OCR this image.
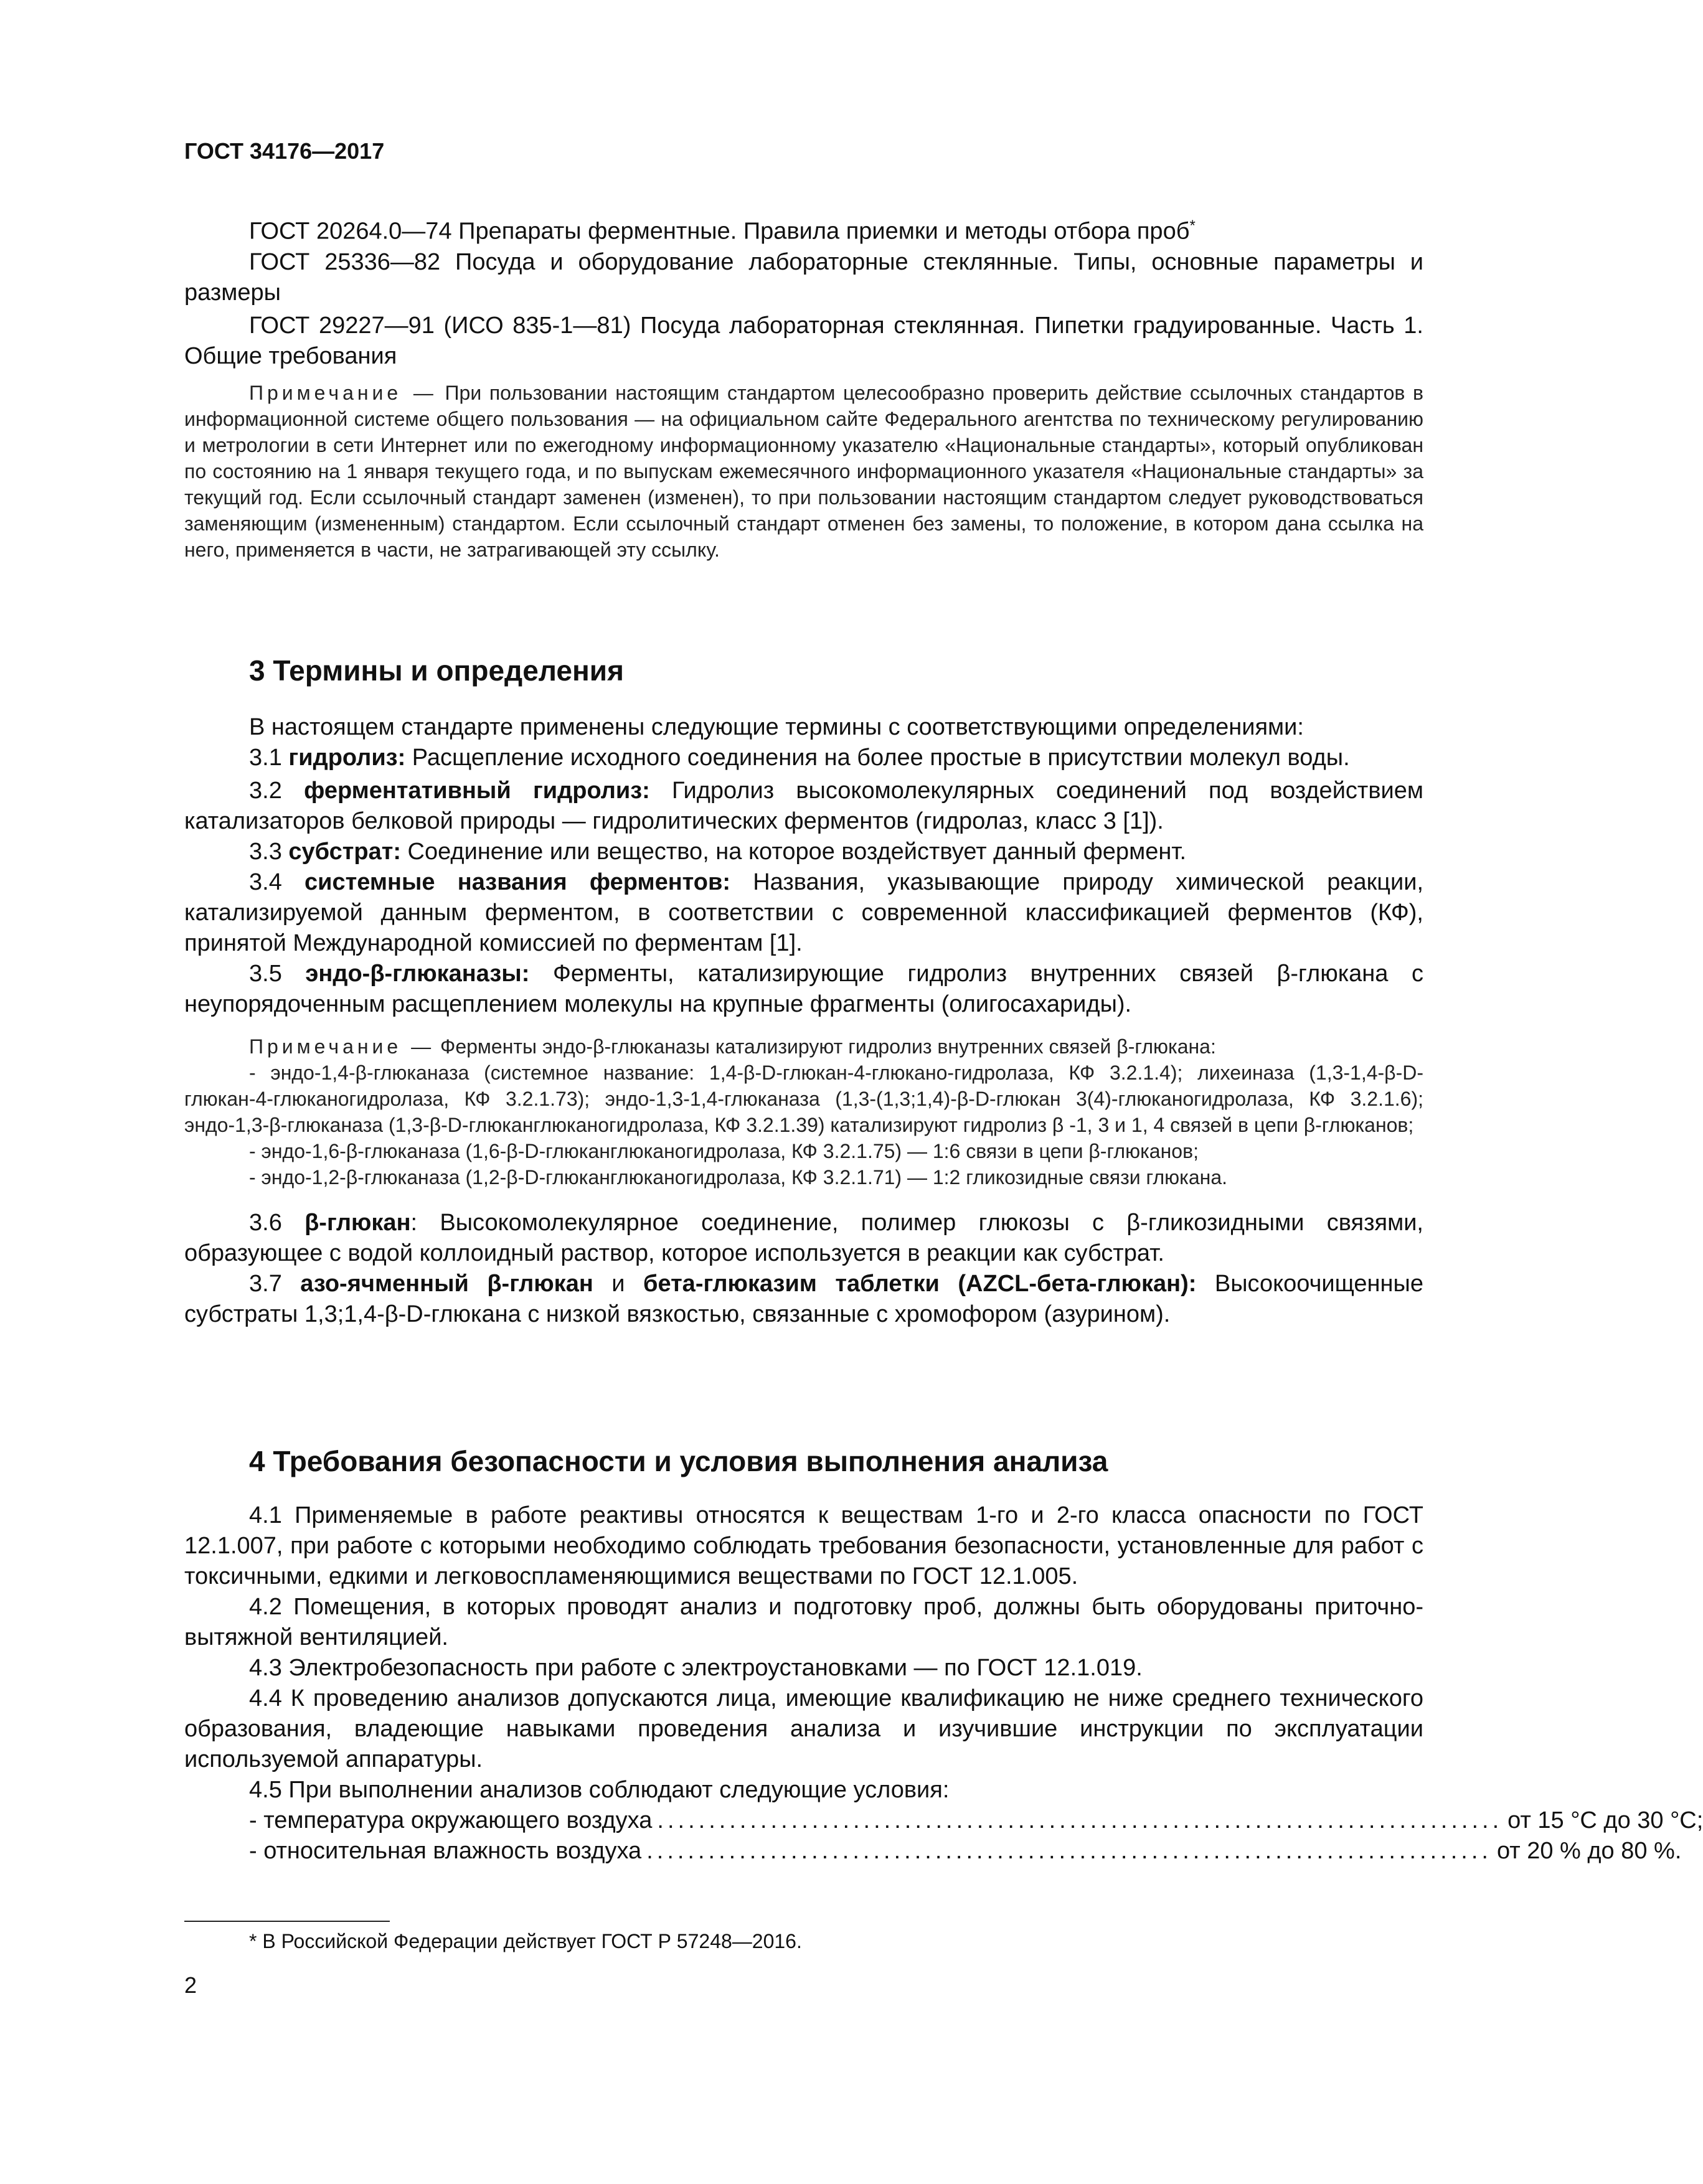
ГОСТ 34176—2017

ГОСТ 20264.0—74 Препараты ферментные. Правила приемки и методы отбора проб*

ГОСТ 25336—82 Посуда и оборудование лабораторные стеклянные. Типы, основные параметры и размеры

ГОСТ 29227—91 (ИСО 835-1—81) Посуда лабораторная стеклянная. Пипетки градуированные. Часть 1. Общие требования

Примечание — При пользовании настоящим стандартом целесообразно проверить действие ссылочных стандартов в информационной системе общего пользования — на официальном сайте Федерального агентства по техническому регулированию и метрологии в сети Интернет или по ежегодному информационному указателю «Национальные стандарты», который опубликован по состоянию на 1 января текущего года, и по выпускам ежемесячного информационного указателя «Национальные стандарты» за текущий год. Если ссылочный стандарт заменен (изменен), то при пользовании настоящим стандартом следует руководствоваться заменяющим (измененным) стандартом. Если ссылочный стандарт отменен без замены, то положение, в котором дана ссылка на него, применяется в части, не затрагивающей эту ссылку.

3 Термины и определения

В настоящем стандарте применены следующие термины с соответствующими определениями:

3.1 гидролиз: Расщепление исходного соединения на более простые в присутствии молекул воды.

3.2 ферментативный гидролиз: Гидролиз высокомолекулярных соединений под воздействием катализаторов белковой природы — гидролитических ферментов (гидролаз, класс 3 [1]).

3.3 субстрат: Соединение или вещество, на которое воздействует данный фермент.

3.4 системные названия ферментов: Названия, указывающие природу химической реакции, катализируемой данным ферментом, в соответствии с современной классификацией ферментов (КФ), принятой Международной комиссией по ферментам [1].

3.5 эндо-β-глюканазы: Ферменты, катализирующие гидролиз внутренних связей β-глюкана с неупорядоченным расщеплением молекулы на крупные фрагменты (олигосахариды).

Примечание — Ферменты эндо-β-глюканазы катализируют гидролиз внутренних связей β-глюкана:

- эндо-1,4-β-глюканаза (системное название: 1,4-β-D-глюкан-4-глюкано-гидролаза, КФ 3.2.1.4); лихеиназа (1,3-1,4-β-D-глюкан-4-глюканогидролаза, КФ 3.2.1.73); эндо-1,3-1,4-глюканаза (1,3-(1,3;1,4)-β-D-глюкан 3(4)-глюканогидролаза, КФ 3.2.1.6); эндо-1,3-β-глюканаза (1,3-β-D-глюканглюканогидролаза, КФ 3.2.1.39) катализируют гидролиз β -1, 3 и 1, 4 связей в цепи β-глюканов;

- эндо-1,6-β-глюканаза (1,6-β-D-глюканглюканогидролаза, КФ 3.2.1.75) — 1:6 связи в цепи β-глюканов;

- эндо-1,2-β-глюканаза (1,2-β-D-глюканглюканогидролаза, КФ 3.2.1.71) — 1:2 гликозидные связи глюкана.

3.6 β-глюкан: Высокомолекулярное соединение, полимер глюкозы с β-гликозидными связями, образующее с водой коллоидный раствор, которое используется в реакции как субстрат.

3.7 азо-ячменный β-глюкан и бета-глюказим таблетки (AZCL-бета-глюкан): Высокоочищенные субстраты 1,3;1,4-β-D-глюкана с низкой вязкостью, связанные с хромофором (азурином).

4 Требования безопасности и условия выполнения анализа

4.1 Применяемые в работе реактивы относятся к веществам 1-го и 2-го класса опасности по ГОСТ 12.1.007, при работе с которыми необходимо соблюдать требования безопасности, установленные для работ с токсичными, едкими и легковоспламеняющимися веществами по ГОСТ 12.1.005.

4.2 Помещения, в которых проводят анализ и подготовку проб, должны быть оборудованы приточно-вытяжной вентиляцией.

4.3 Электробезопасность при работе с электроустановками — по ГОСТ 12.1.019.

4.4 К проведению анализов допускаются лица, имеющие квалификацию не ниже среднего технического образования, владеющие навыками проведения анализа и изучившие инструкции по эксплуатации используемой аппаратуры.

4.5 При выполнении анализов соблюдают следующие условия:

- температура окружающего воздуха .................................................................................. от 15 °С до 30 °С;
- относительная влажность воздуха .................................................................................. от 20 % до 80 %.
* В Российской Федерации действует ГОСТ Р 57248—2016.
2
